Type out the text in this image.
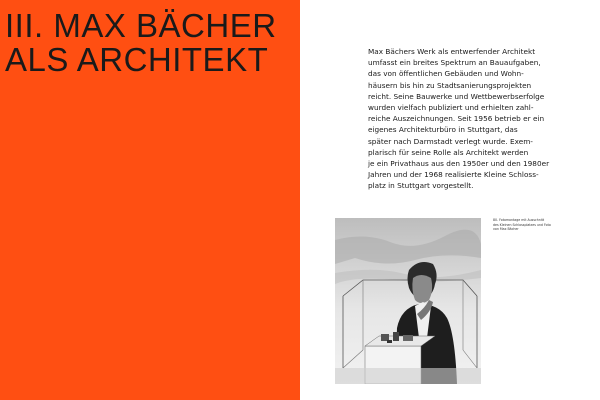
III. MAX BÄCHER
ALS ARCHITEKT	Max Bächers Werk als entwerfender Architekt
umfasst ein breites Spektrum an Bauaufgaben,
das von öffentlichen Gebäuden und Wohn-
häusern bis hin zu Stadtsanierungsprojekten
reicht. Seine Bauwerke und Wettbewerbserfolge
wurden vielfach publiziert und erhielten zahl-
reiche Auszeichnungen. Seit 1956 betrieb er ein
eigenes Architekturbüro in Stuttgart, das
später nach Darmstadt verlegt wurde. Exem-
plarisch für seine Rolle als Architekt werden
je ein Privathaus aus den 1950er und den 1980er
Jahren und der 1968 realisierte Kleine Schloss-
platz in Stuttgart vorgestellt.

80. Fotomontage mit Ausschnitt
des Kleinen Schlossplatzes und Foto
von Max Bächer
